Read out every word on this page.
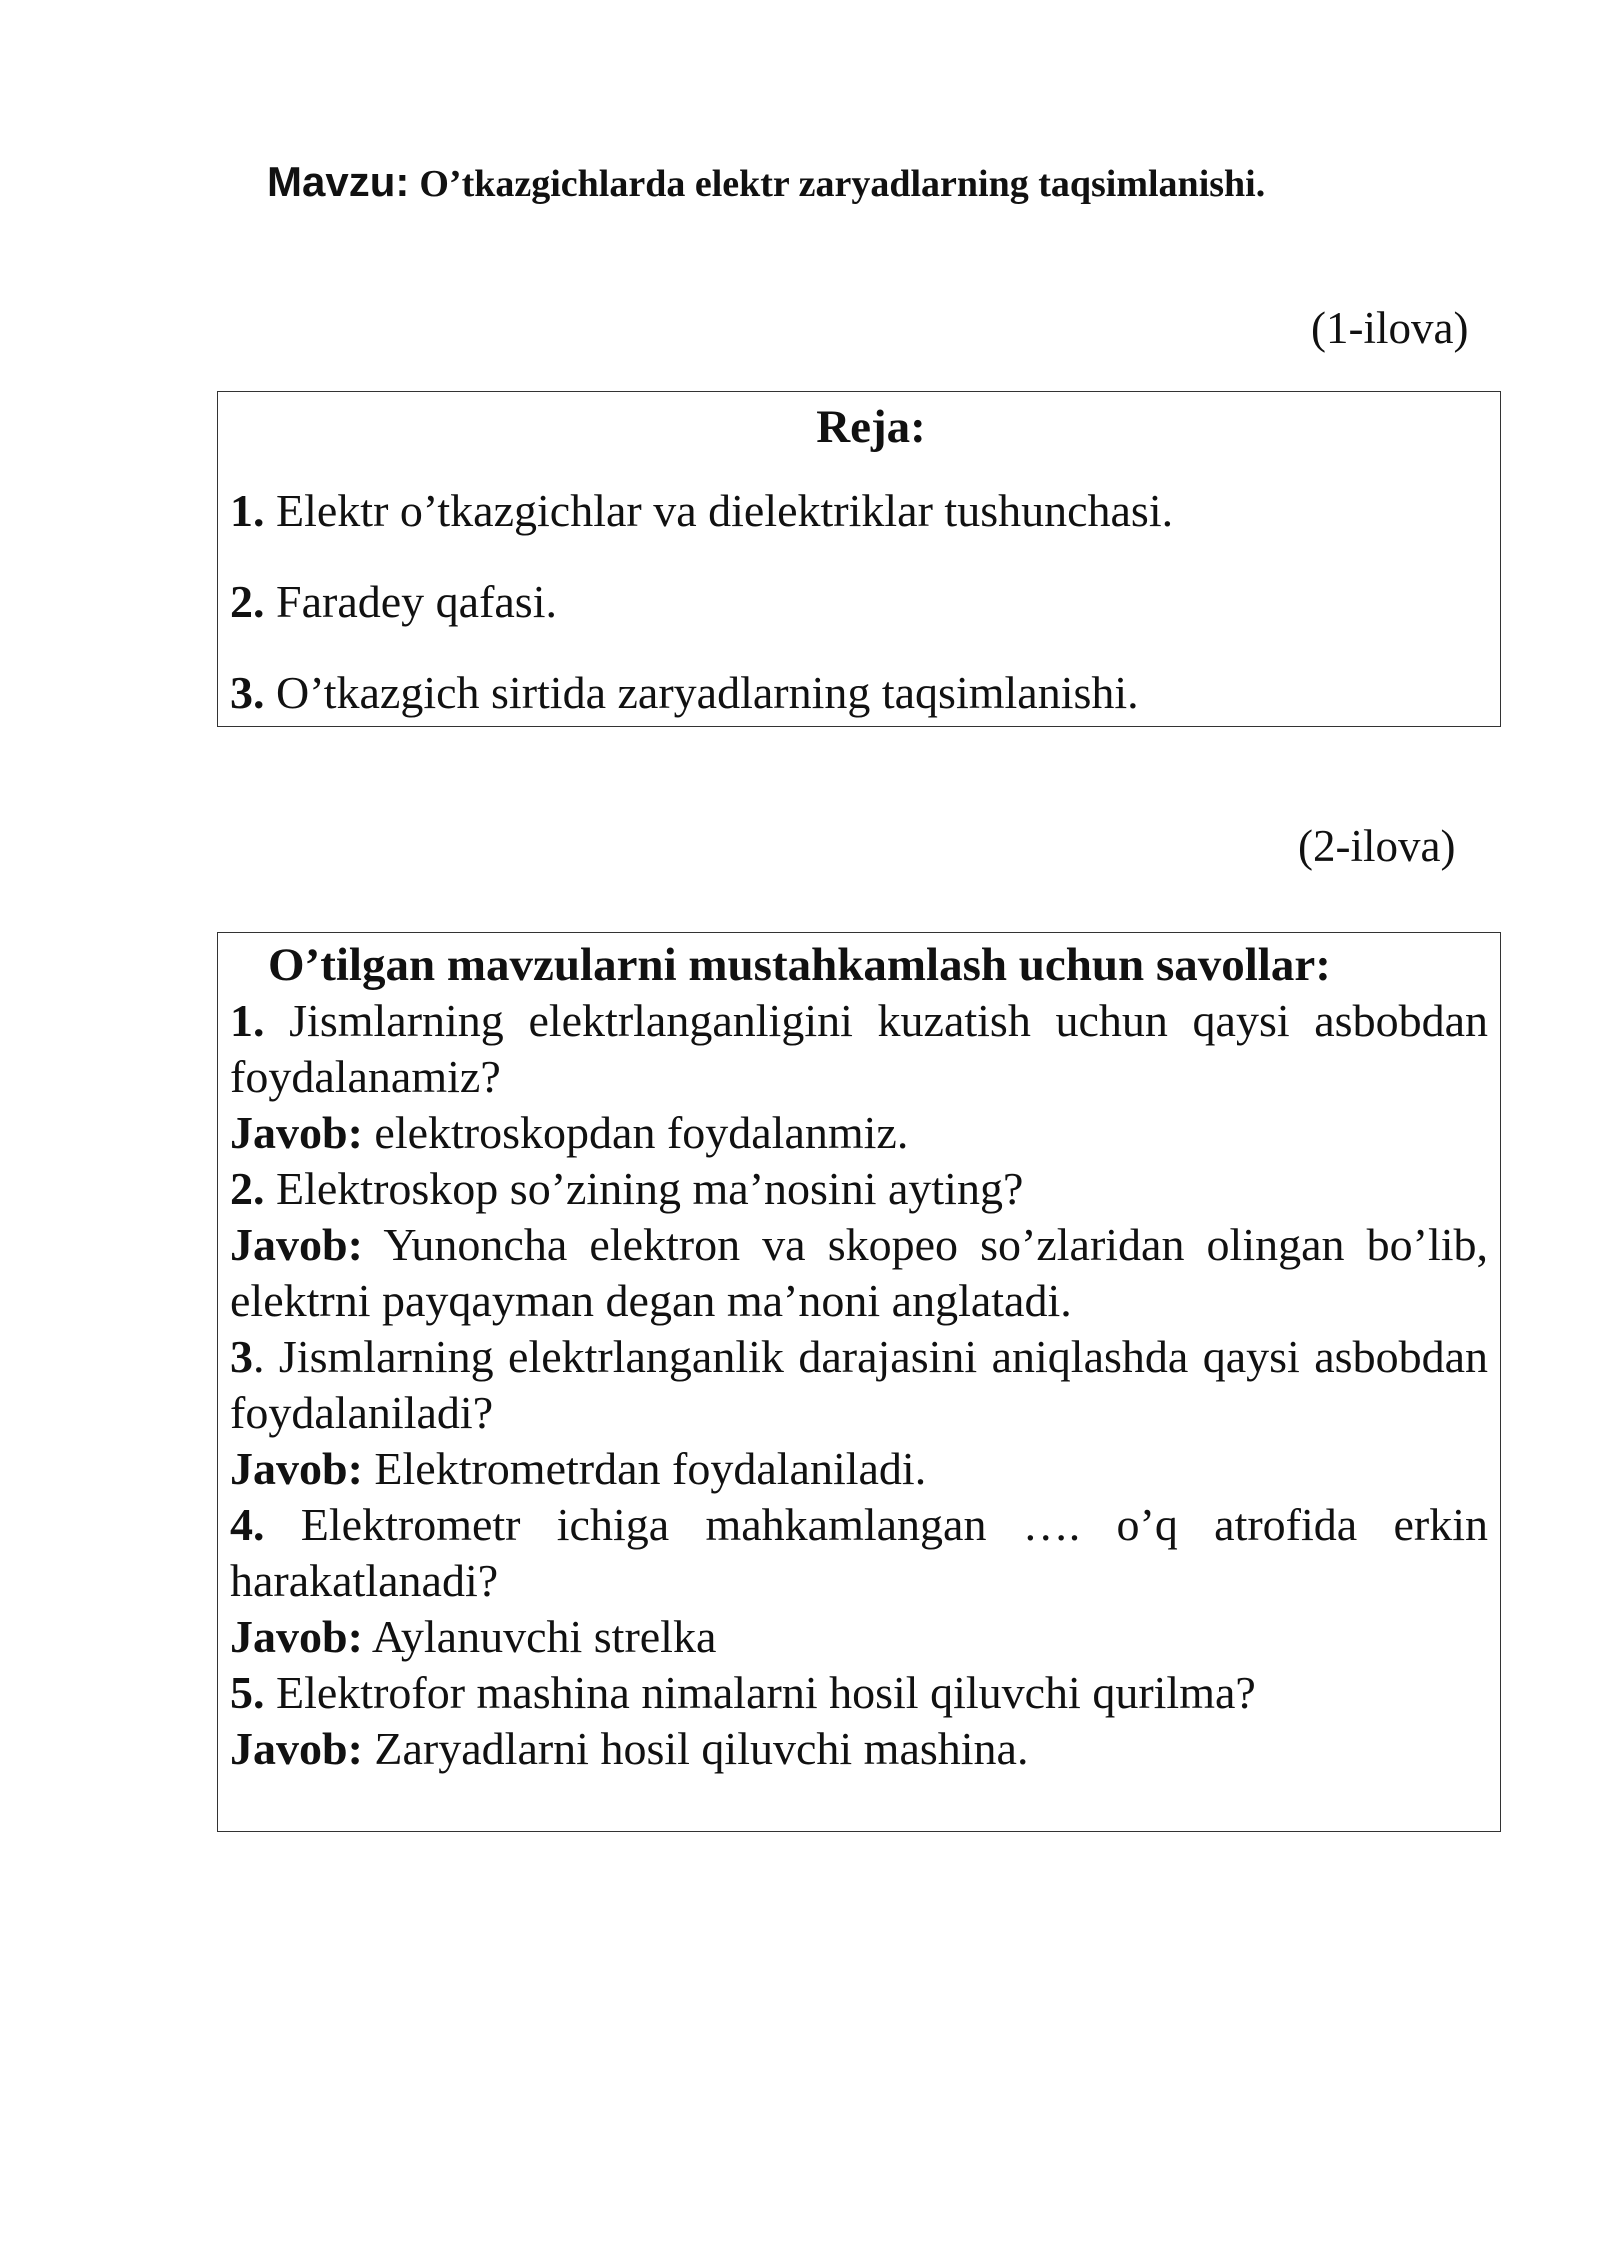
Mavzu: O’tkazgichlarda elektr zaryadlarning taqsimlanishi.
(1-ilova)
Reja:
1. Elektr o’tkazgichlar va dielektriklar tushunchasi.
2. Faradey qafasi.
3. O’tkazgich sirtida zaryadlarning taqsimlanishi.
(2-ilova)
O’tilgan mavzularni mustahkamlash uchun savollar:

1. Jismlarning elektrlanganligini kuzatish uchun qaysi asbobdan foydalanamiz?

Javob: elektroskopdan foydalanmiz.

2. Elektroskop so’zining ma’nosini ayting?

Javob: Yunoncha elektron va skopeo so’zlaridan olingan bo’lib, elektrni payqayman degan ma’noni anglatadi.

3. Jismlarning elektrlanganlik darajasini aniqlashda qaysi asbobdan foydalaniladi?

Javob: Elektrometrdan foydalaniladi.

4. Elektrometr ichiga mahkamlangan …. o’q atrofida erkin harakatlanadi?

Javob: Aylanuvchi strelka

5. Elektrofor mashina nimalarni hosil qiluvchi qurilma?

Javob: Zaryadlarni hosil qiluvchi mashina.
